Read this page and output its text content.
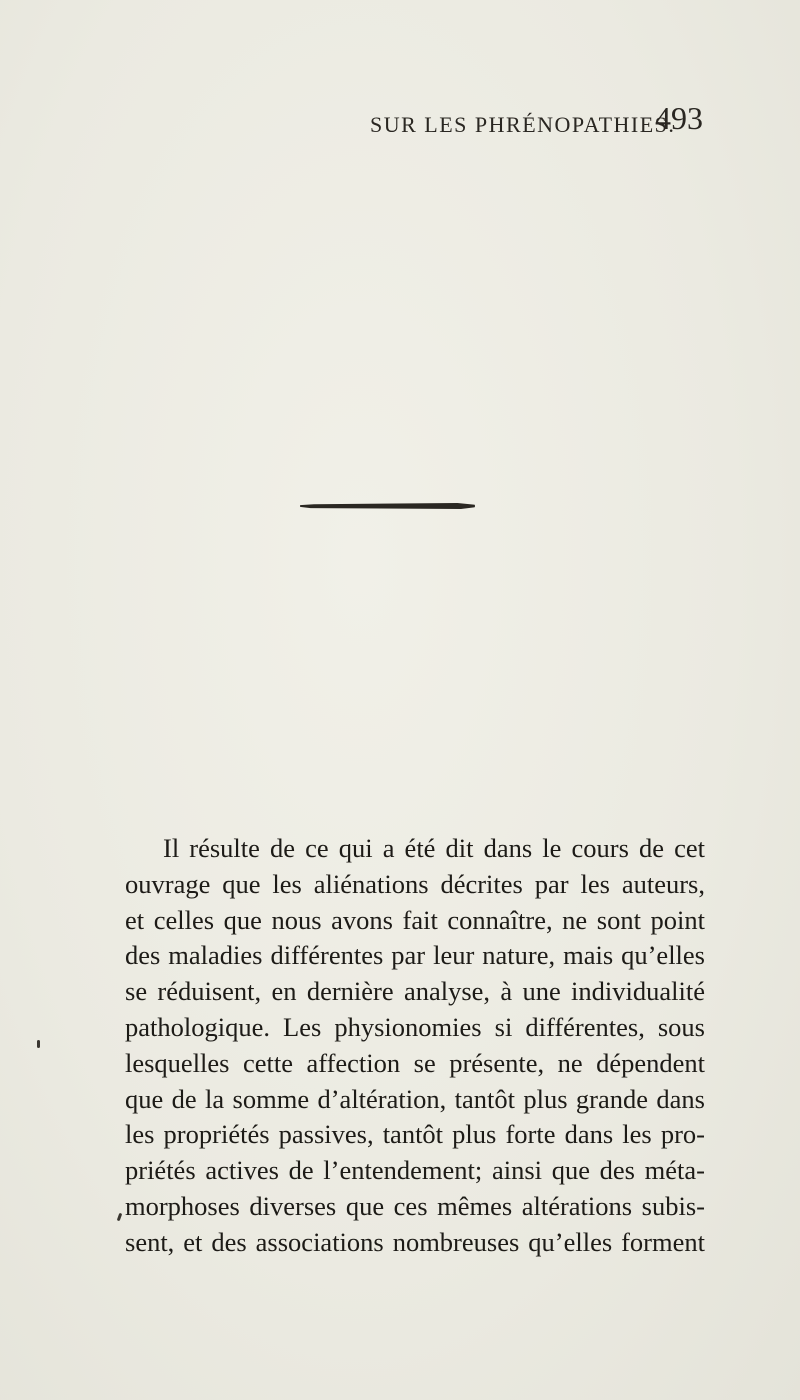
SUR LES PHRÉNOPATHIES.
493
Il résulte de ce qui a été dit dans le cours de cet
ouvrage que les aliénations décrites par les auteurs,
et celles que nous avons fait connaître, ne sont point
des maladies différentes par leur nature, mais qu’elles
se réduisent, en dernière analyse, à une individualité
pathologique. Les physionomies si différentes, sous
lesquelles cette affection se présente, ne dépendent
que de la somme d’altération, tantôt plus grande dans
les propriétés passives, tantôt plus forte dans les pro-
priétés actives de l’entendement; ainsi que des méta-
morphoses diverses que ces mêmes altérations subis-
sent, et des associations nombreuses qu’elles forment
